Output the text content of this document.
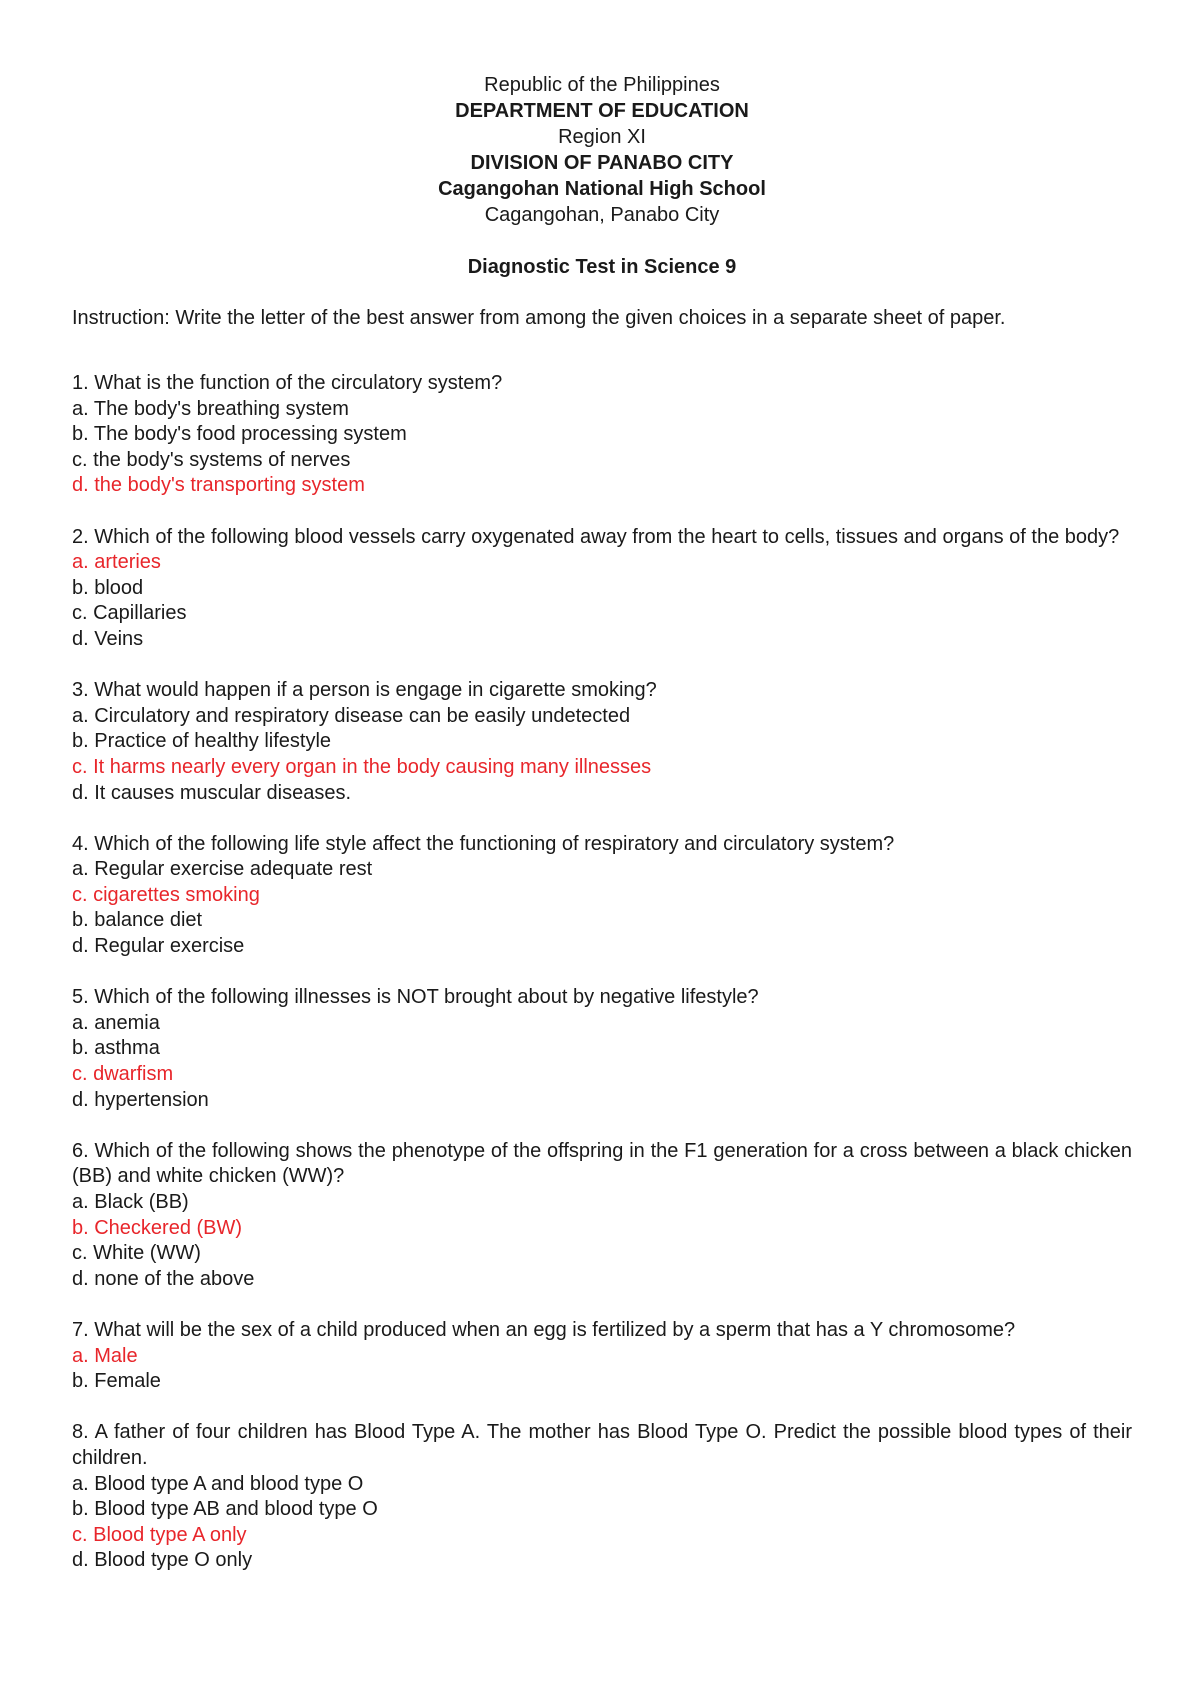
Republic of the Philippines
DEPARTMENT OF EDUCATION
Region XI
DIVISION OF PANABO CITY
Cagangohan National High School
Cagangohan, Panabo City
Diagnostic Test in Science 9
Instruction: Write the letter of the best answer from among the given choices in a separate sheet of paper.
1. What is the function of the circulatory system?
a. The body's breathing system
b. The body's food processing system
c. the body's systems of nerves
d. the body's transporting system
2. Which of the following blood vessels carry oxygenated away from the heart to cells, tissues and organs of the body?
a. arteries
b. blood
c. Capillaries
d. Veins
3. What would happen if a person is engage in cigarette smoking?
a. Circulatory and respiratory disease can be easily undetected
b. Practice of healthy lifestyle
c. It harms nearly every organ in the body causing many illnesses
d. It causes muscular diseases.
4. Which of the following life style affect the functioning of respiratory and circulatory system?
a. Regular exercise adequate rest
c. cigarettes smoking
b. balance diet
d. Regular exercise
5. Which of the following illnesses is NOT brought about by negative lifestyle?
a. anemia
b. asthma
c. dwarfism
d. hypertension
6. Which of the following shows the phenotype of the offspring in the F1 generation for a cross between a black chicken (BB) and white chicken (WW)?
a. Black (BB)
b. Checkered (BW)
c. White (WW)
d. none of the above
7. What will be the sex of a child produced when an egg is fertilized by a sperm that has a Y chromosome?
a. Male
b. Female
8. A father of four children has Blood Type A. The mother has Blood Type O. Predict the possible blood types of their children.
a. Blood type A and blood type O
b. Blood type AB and blood type O
c. Blood type A only
d. Blood type O only
